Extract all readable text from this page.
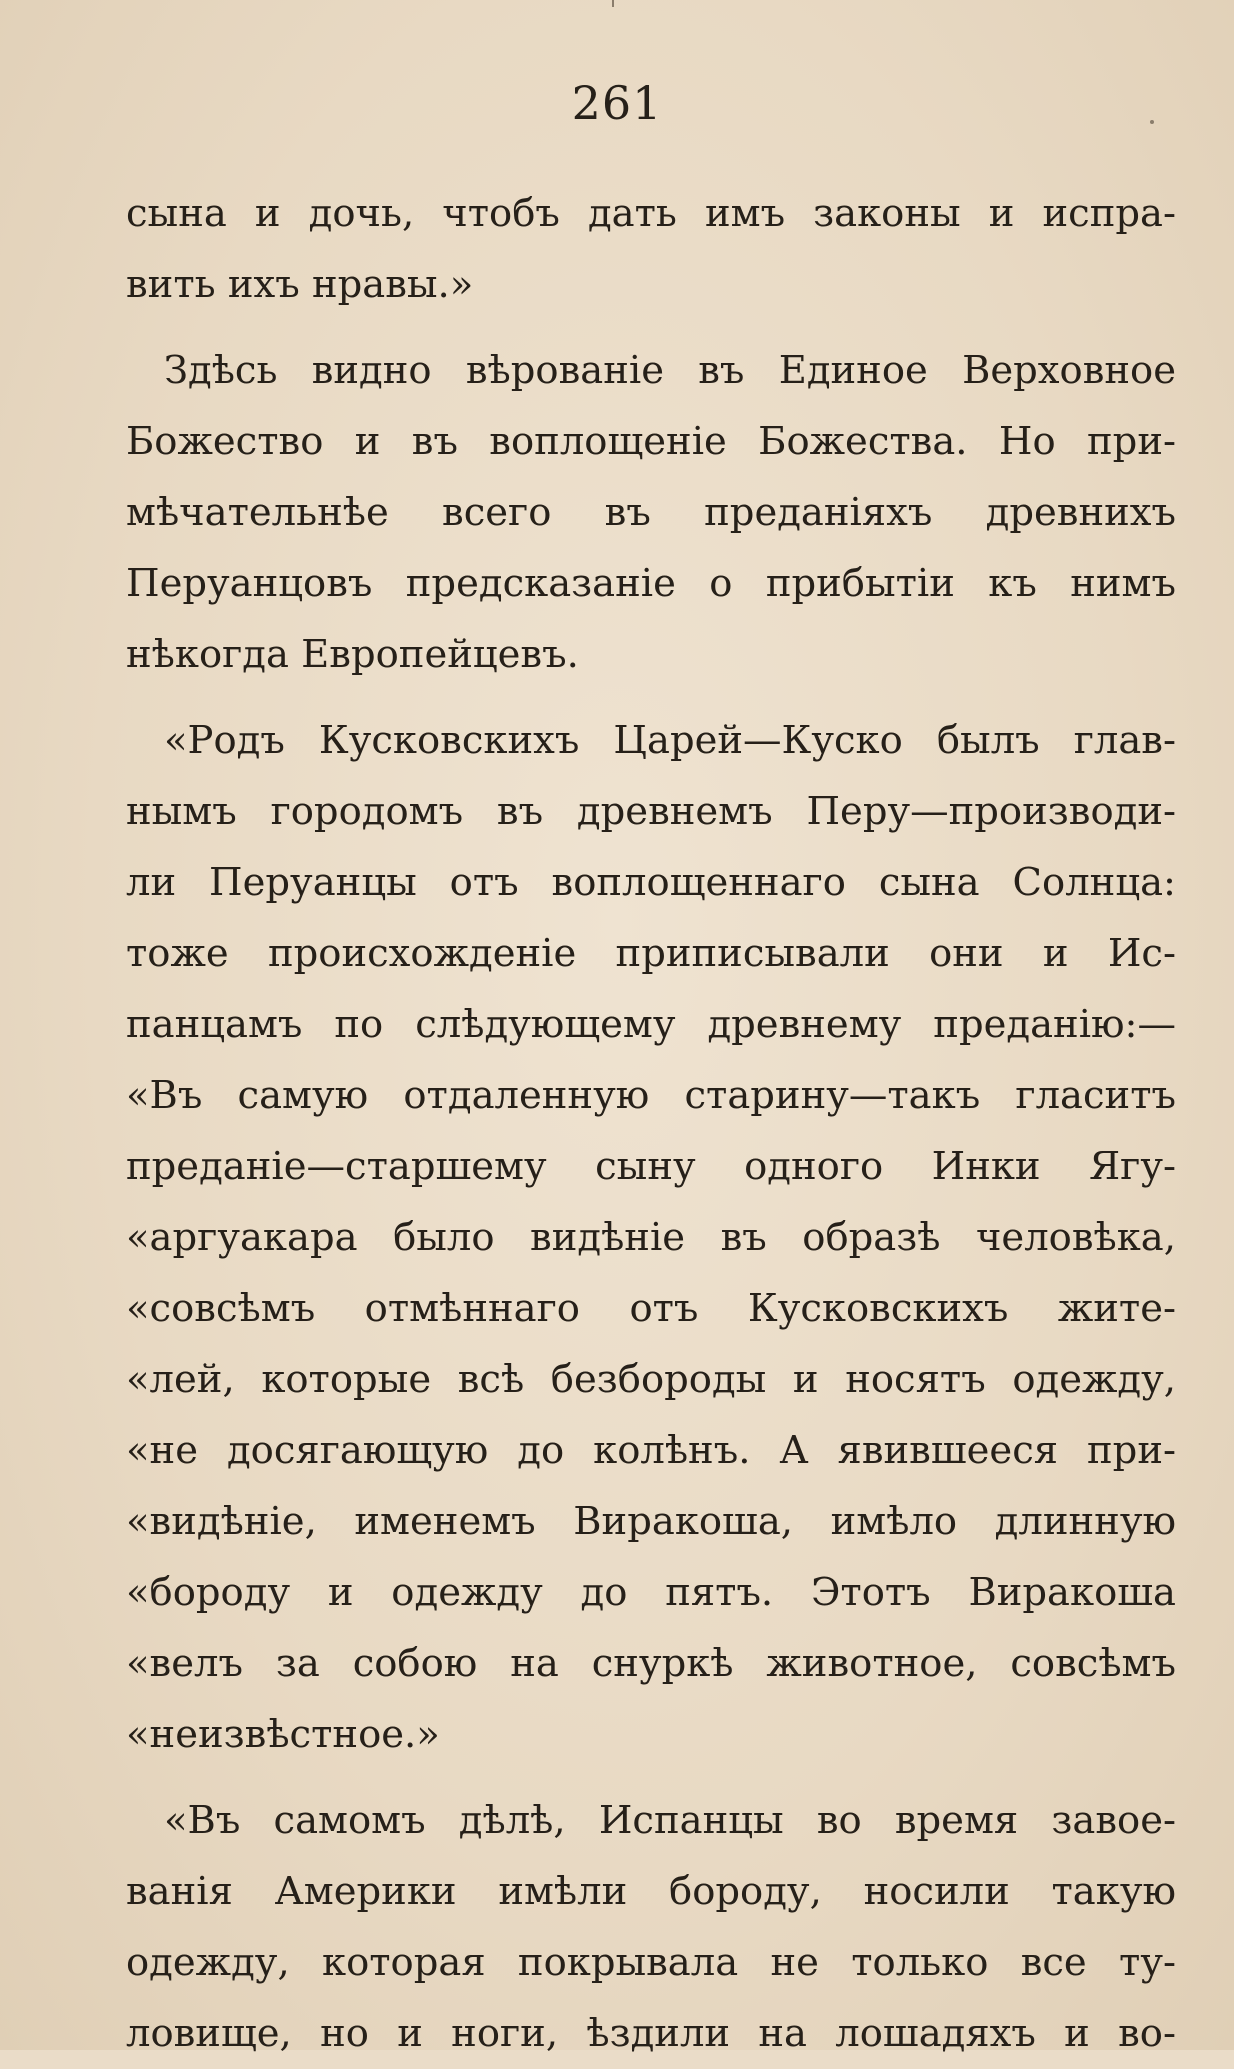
261

сына и дочь, чтобъ дать имъ законы и испра-
вить ихъ нравы.»

Здѣсь видно вѣрованіе въ Единое Верховное
Божество и въ воплощеніе Божества. Но при-
мѣчательнѣе всего въ преданіяхъ древнихъ
Перуанцовъ предсказаніе о прибытіи къ нимъ
нѣкогда Европейцевъ.

«Родъ Кусковскихъ Царей—Куско былъ глав-
нымъ городомъ въ древнемъ Перу—производи-
ли Перуанцы отъ воплощеннаго сына Солнца:
тоже происхожденіе приписывали они и Ис-
панцамъ по слѣдующему древнему преданію:—
«Въ самую отдаленную старину—такъ гласитъ
преданіе—старшему сыну одного Инки Ягу-
«аргуакара было видѣніе въ образѣ человѣка,
«совсѣмъ отмѣннаго отъ Кусковскихъ жите-
«лей, которые всѣ безбороды и носятъ одежду,
«не досягающую до колѣнъ. А явившееся при-
«видѣніе, именемъ Виракоша, имѣло длинную
«бороду и одежду до пятъ. Этотъ Виракоша
«велъ за собою на снуркѣ животное, совсѣмъ
«неизвѣстное.»

«Въ самомъ дѣлѣ, Испанцы во время завое-
ванія Америки имѣли бороду, носили такую
одежду, которая покрывала не только все ту-
ловище, но и ноги, ѣздили на лошадяхъ и во-
